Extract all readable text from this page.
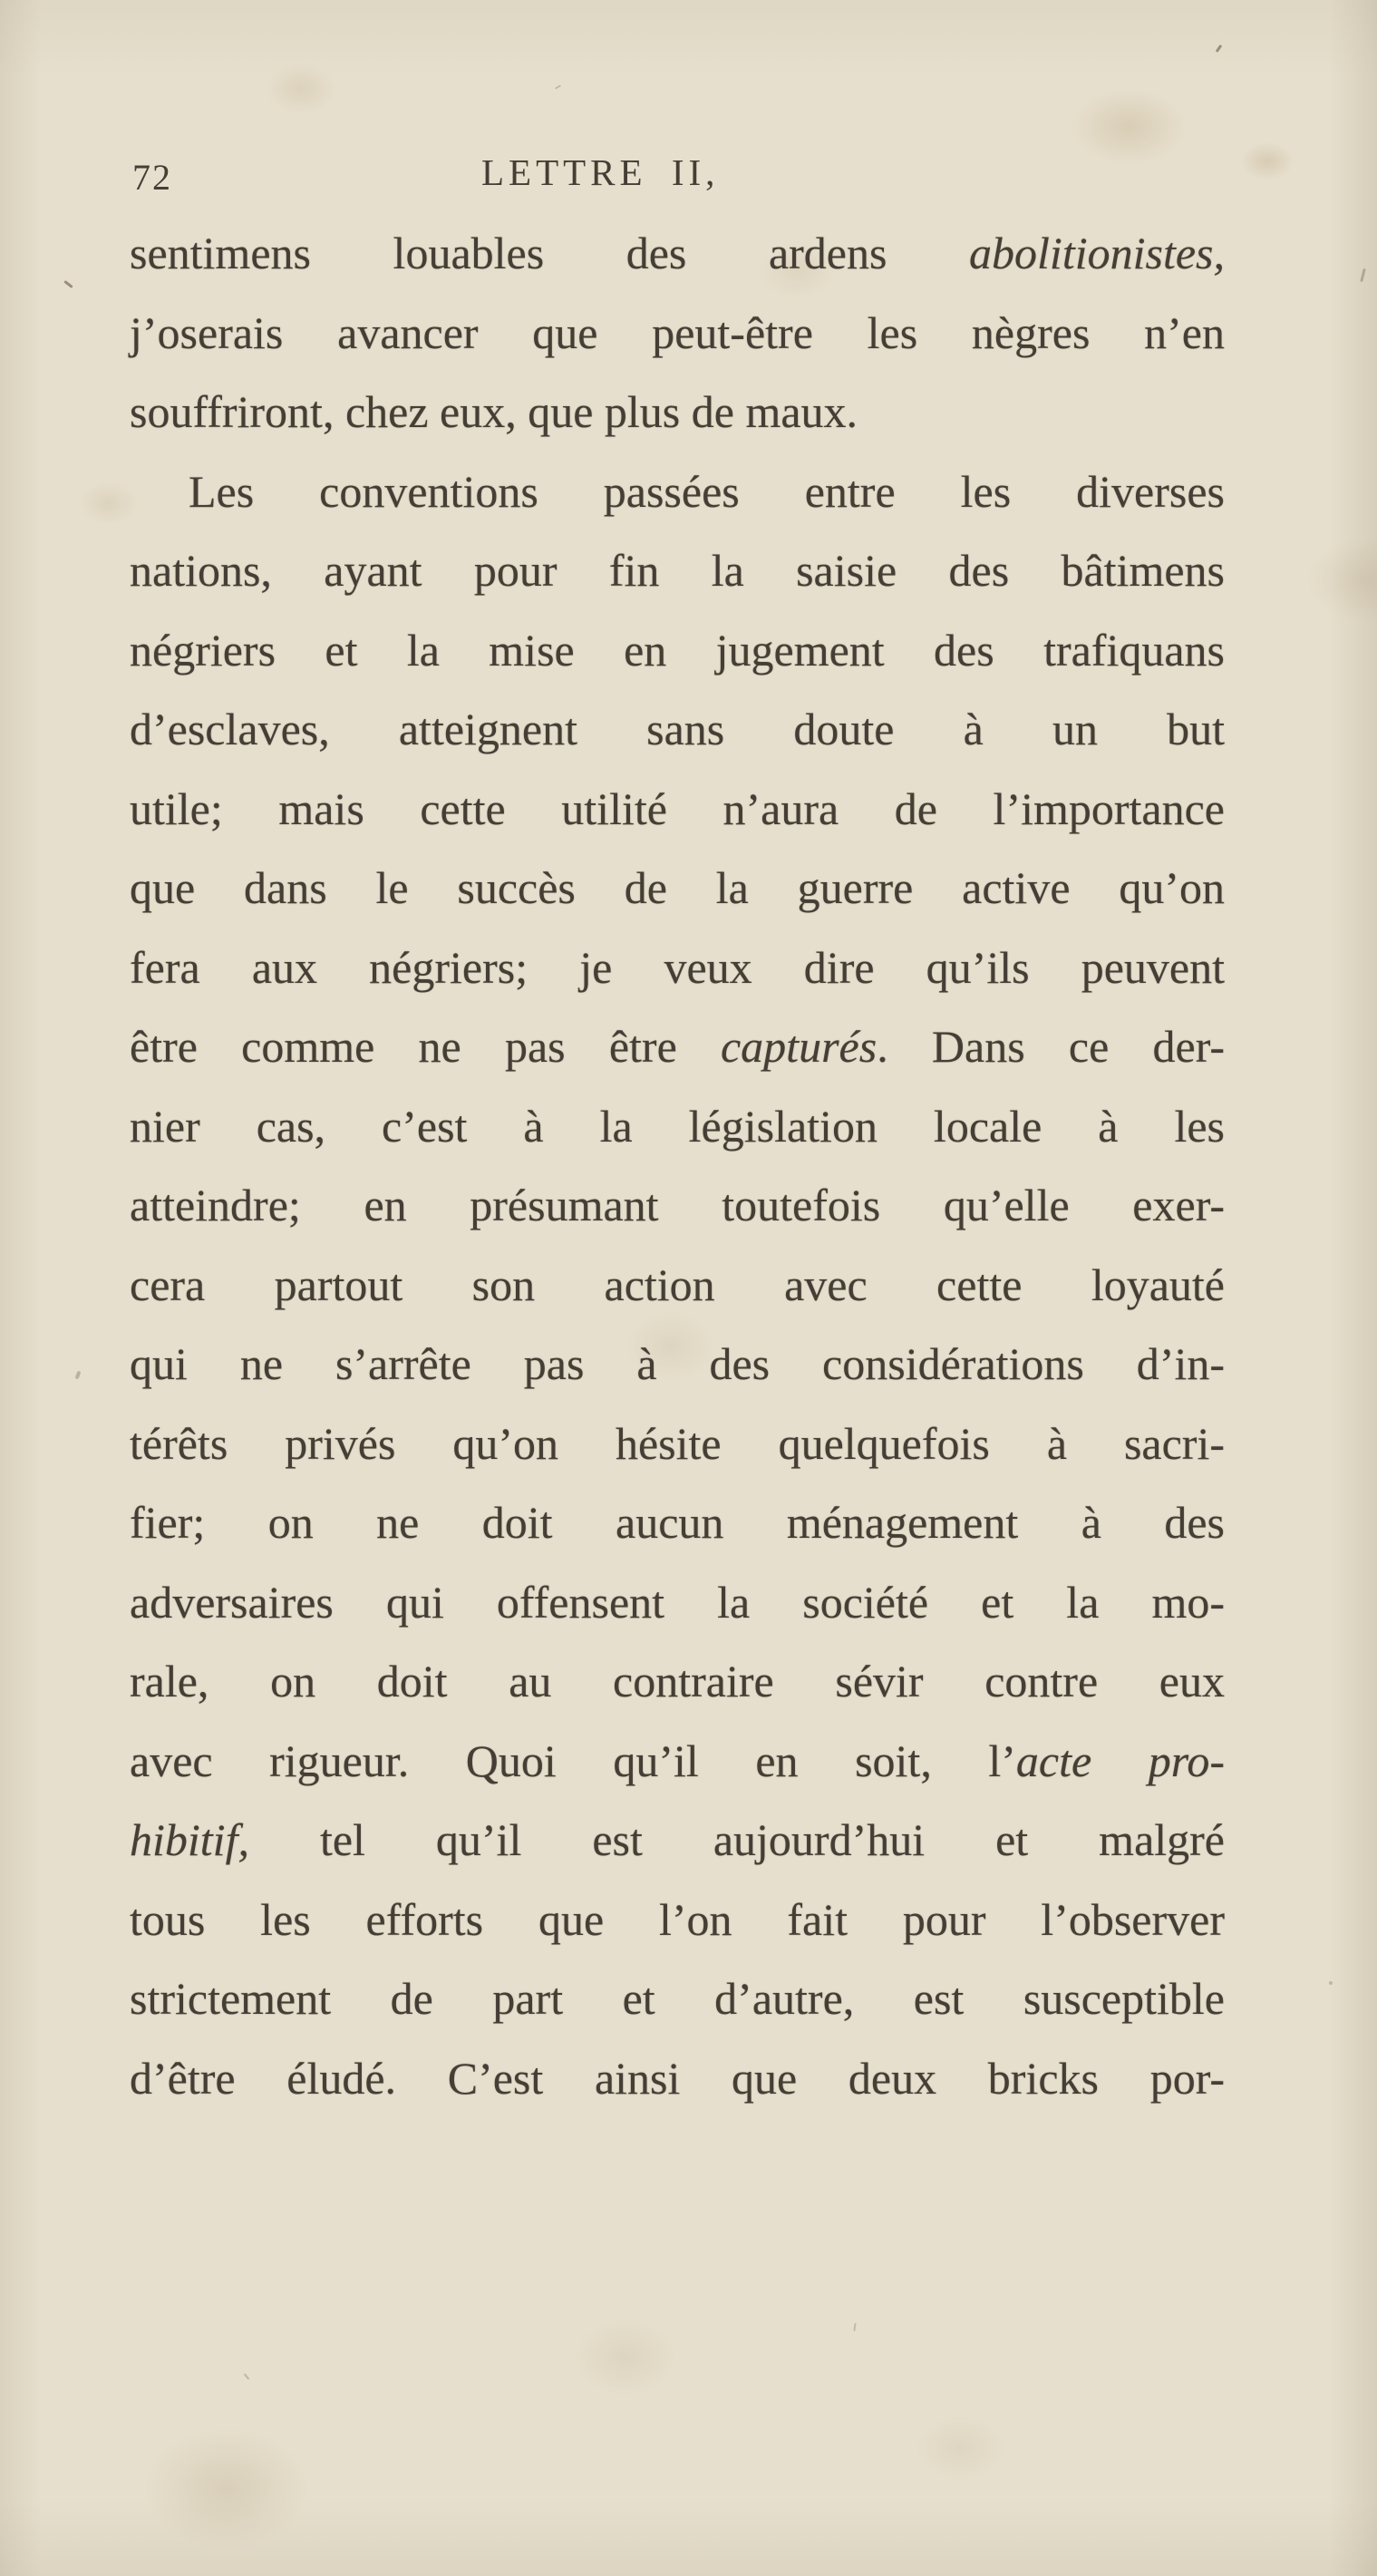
72	LETTRE II,
sentimens louables des ardens abolitionistes,
j’oserais avancer que peut-être les nègres n’en
souffriront, chez eux, que plus de maux.
Les conventions passées entre les diverses
nations, ayant pour fin la saisie des bâtimens
négriers et la mise en jugement des trafiquans
d’esclaves, atteignent sans doute à un but
utile; mais cette utilité n’aura de l’importance
que dans le succès de la guerre active qu’on
fera aux négriers; je veux dire qu’ils peuvent
être comme ne pas être capturés. Dans ce der-
nier cas, c’est à la législation locale à les
atteindre; en présumant toutefois qu’elle exer-
cera partout son action avec cette loyauté
qui ne s’arrête pas à des considérations d’in-
térêts privés qu’on hésite quelquefois à sacri-
fier; on ne doit aucun ménagement à des
adversaires qui offensent la société et la mo-
rale, on doit au contraire sévir contre eux
avec rigueur. Quoi qu’il en soit, l’acte pro-
hibitif, tel qu’il est aujourd’hui et malgré
tous les efforts que l’on fait pour l’observer
strictement de part et d’autre, est susceptible
d’être éludé. C’est ainsi que deux bricks por-
